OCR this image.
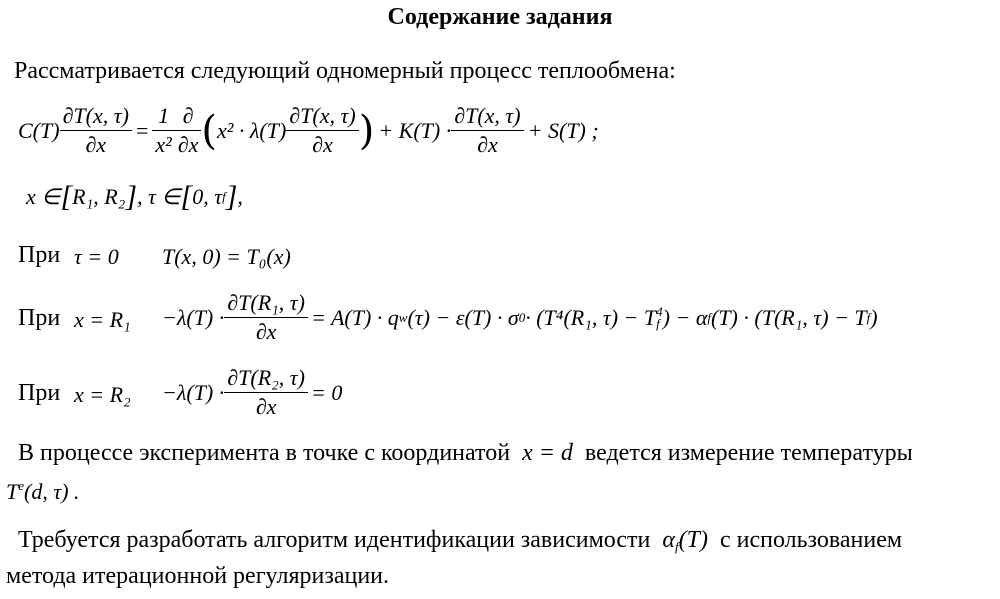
Содержание задания
Рассматривается следующий одномерный процесс теплообмена:
$C(T) \frac{\partial T(x, \tau)}{\partial x} = \frac{1}{\text{x²}} \frac{\partial}{\partial x}$ ( $x^2 \cdot \lambda(T) \frac{\partial T(x, \tau)}{\partial x}$ ) + $K(T) \cdot \frac{\partial T(x, \tau)}{\partial x} + S(T)$ ;
x ∈ [ R₁, R₂ ] , τ ∈ [ 0, τ f ] ,
При τ = 0 T(x, 0) = T₀(x)
При $x = R_1 -\lambda(T) \cdot \frac{\text{∂T(R₁, τ)}}{\partial x} = A(T) \cdot q$ w (τ) − ε(T) · σ 0 · (T⁴(R₁, τ) − T 4
f ) − α f (T) · (T(R₁, τ) − T f )
При $x = R_2 -\lambda(T) \cdot \frac{\text{∂T(R₂, τ)}}{\partial x} = 0$
В процессе эксперимента в точке с координатой x = d ведется измерение температуры
$T^e(d$, τ) .
Требуется разработать алгоритм идентификации зависимости $\alpha_f(T)$ с использованием
метода итерационной регуляризации.
